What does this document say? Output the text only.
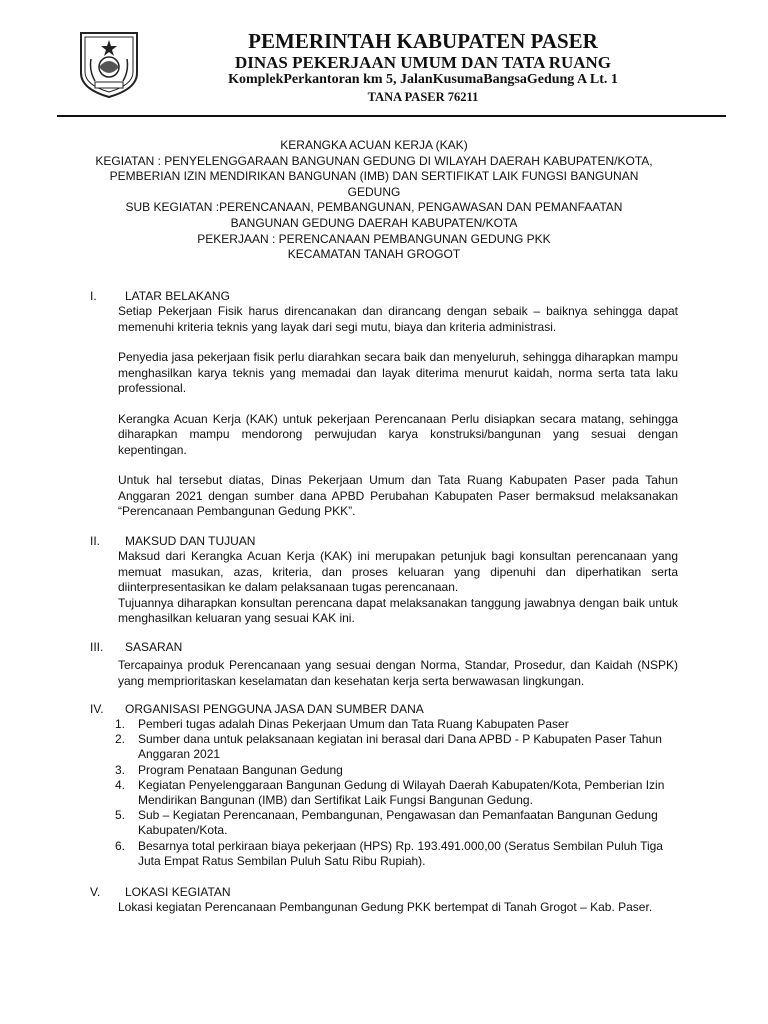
PEMERINTAH KABUPATEN PASER
DINAS PEKERJAAN UMUM DAN TATA RUANG
KomplekPerkantoran km 5, JalanKusumaBangsaGedung A Lt. 1
TANA PASER 76211
KERANGKA ACUAN KERJA (KAK)
KEGIATAN : PENYELENGGARAAN BANGUNAN GEDUNG DI WILAYAH DAERAH KABUPATEN/KOTA,
PEMBERIAN IZIN MENDIRIKAN BANGUNAN (IMB) DAN SERTIFIKAT LAIK FUNGSI BANGUNAN
GEDUNG
SUB KEGIATAN :PERENCANAAN, PEMBANGUNAN, PENGAWASAN DAN PEMANFAATAN
BANGUNAN GEDUNG DAERAH KABUPATEN/KOTA
PEKERJAAN : PERENCANAAN PEMBANGUNAN GEDUNG PKK
KECAMATAN TANAH GROGOT
I.	LATAR BELAKANG

Setiap Pekerjaan Fisik harus direncanakan dan dirancang dengan sebaik – baiknya sehingga dapat memenuhi kriteria teknis yang layak dari segi mutu, biaya dan kriteria administrasi.

Penyedia jasa pekerjaan fisik perlu diarahkan secara baik dan menyeluruh, sehingga diharapkan mampu menghasilkan karya teknis yang memadai dan layak diterima menurut kaidah, norma serta tata laku professional.

Kerangka Acuan Kerja (KAK) untuk pekerjaan Perencanaan Perlu disiapkan secara matang, sehingga diharapkan mampu mendorong perwujudan karya konstruksi/bangunan yang sesuai dengan kepentingan.

Untuk hal tersebut diatas, Dinas Pekerjaan Umum dan Tata Ruang Kabupaten Paser pada Tahun Anggaran 2021 dengan sumber dana APBD Perubahan Kabupaten Paser bermaksud melaksanakan “Perencanaan Pembangunan Gedung PKK”.

II.	MAKSUD DAN TUJUAN

Maksud dari Kerangka Acuan Kerja (KAK) ini merupakan petunjuk bagi konsultan perencanaan yang memuat masukan, azas, kriteria, dan proses keluaran yang dipenuhi dan diperhatikan serta diinterpresentasikan ke dalam pelaksanaan tugas perencanaan.

Tujuannya diharapkan konsultan perencana dapat melaksanakan tanggung jawabnya dengan baik untuk menghasilkan keluaran yang sesuai KAK ini.

III.	SASARAN

Tercapainya produk Perencanaan yang sesuai dengan Norma, Standar, Prosedur, dan Kaidah (NSPK) yang memprioritaskan keselamatan dan kesehatan kerja serta berwawasan lingkungan.

IV.	ORGANISASI PENGGUNA JASA DAN SUMBER DANA
1.	Pemberi tugas adalah Dinas Pekerjaan Umum dan Tata Ruang Kabupaten Paser
2.	Sumber dana untuk pelaksanaan kegiatan ini berasal dari Dana APBD - P Kabupaten Paser Tahun Anggaran 2021
3.	Program Penataan Bangunan Gedung
4.	Kegiatan Penyelenggaraan Bangunan Gedung di Wilayah Daerah Kabupaten/Kota, Pemberian Izin Mendirikan Bangunan (IMB) dan Sertifikat Laik Fungsi Bangunan Gedung.
5.	Sub – Kegiatan Perencanaan, Pembangunan, Pengawasan dan Pemanfaatan Bangunan Gedung Kabupaten/Kota.
6.	Besarnya total perkiraan biaya pekerjaan (HPS) Rp. 193.491.000,00 (Seratus Sembilan Puluh Tiga Juta Empat Ratus Sembilan Puluh Satu Ribu Rupiah).
V.	LOKASI KEGIATAN

Lokasi kegiatan Perencanaan Pembangunan Gedung PKK bertempat di Tanah Grogot – Kab. Paser.
